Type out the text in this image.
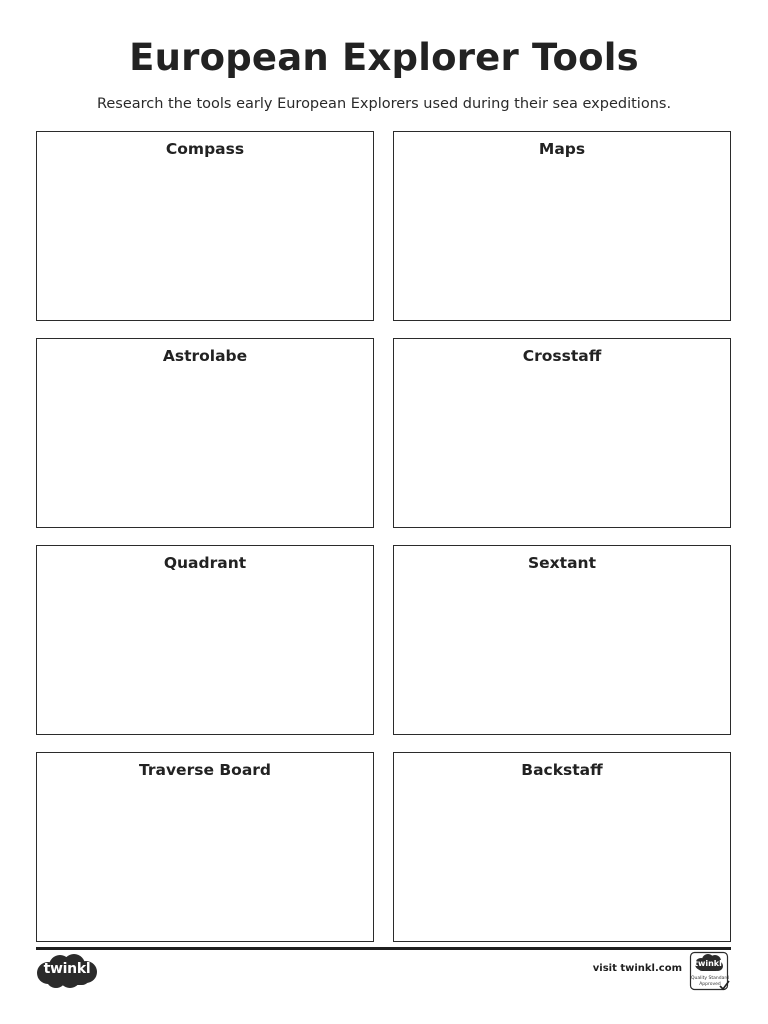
European Explorer Tools
Research the tools early European Explorers used during their sea expeditions.
Compass	Maps
Astrolabe	Crosstaff
Quadrant	Sextant
Traverse Board	Backstaff
twinkl	visit twinkl.com	twinkl
Quality Standard
Approved
